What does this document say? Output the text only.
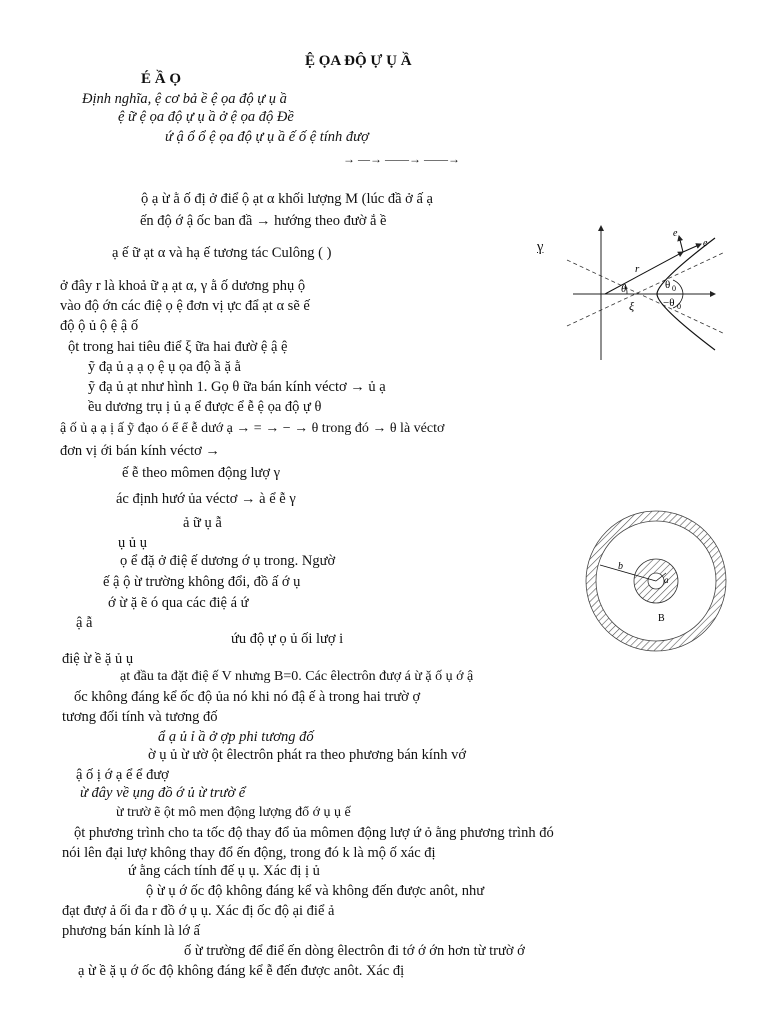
Ệ ỌA ĐỘ Ự Ụ Ầ
É Ầ Ọ
Định nghĩa, ệ cơ bả ề ệ ọa độ ự ụ ầ
ệ ữ ệ ọa độ ự ụ ầ ở ệ ọa độ Đề
ứ ậ ổ ổ ệ ọa độ ự ụ ầ ế ố ệ tính đượ
→ —→ ——→ ——→
ộ ạ ừ ằ ố đị ở điể ộ ạt α khối lượng M (lúc đầ ở ấ ạ
ến độ ớ ậ ốc ban đầ → hướng theo đườ ắ ề
ạ ế ữ ạt α và hạ ế tương tác Culông ( )	γ
ở đây r là khoả ữ ạ ạt α, γ ằ ố dương phụ ộ
vào độ ớn các điệ ọ ệ đơn vị ực đẩ ạt α sẽ ế
độ ộ ủ ộ ệ ậ ố
ột trong hai tiêu điể ξ ữa hai đườ ệ ậ ệ
ỹ đạ ủ ạ ạ ọ ệ ụ ọa độ ầ ặ ằ
ỹ đạ ủ ạt như hình 1. Gọ θ ữa bán kính véctơ → ủ ạ
ều dương trụ ị ủ ạ ể được ể ễ ệ ọa độ ự θ
ậ ố ủ ạ ạ ị ấ ỹ đạo ó ể ể ễ dướ ạ → = → − → θ trong đó → θ là véctơ
đơn vị ới bán kính véctơ →
ế ễ theo mômen động lượ γ
ác định hướ ủa véctơ → à ể ễ γ
ả ữ ụ ẫ
ụ ủ ụ
ọ ể đặ ở điệ ế dương ớ ụ trong. Ngườ
ế ậ ộ ừ trường không đổi, đồ ấ ớ ụ
ớ ừ ặ ẽ ó qua các điệ á ứ
ậ ẫ
ứu độ ự ọ ủ ối lượ i
điệ ừ ề ặ ủ ụ
ạt đầu ta đặt điệ ế V nhưng B=0. Các êlectrôn đượ á ừ ặ ố ụ ớ ậ
ốc không đáng kể ốc độ ủa nó khi nó đậ ế à trong hai trườ ợ
tương đối tính và tương đố
ẩ ạ ủ ỉ ầ ở ợp phi tương đố
ờ ụ ủ ừ ườ ột êlectrôn phát ra theo phương bán kính vớ
ậ ố ị ớ ạ ể ể đượ
ừ đây về ụng đồ ớ ủ ừ trườ ể
ừ trườ ẽ ột mô men động lượng đổ ớ ụ ụ ế
ột phương trình cho ta tốc độ thay đổ ủa mômen động lượ ứ ỏ ằng phương trình đó
nói lên đại lượ không thay đổ ến động, trong đó k là mộ ố xác đị
ứ ằng cách tính đế ụ ụ. Xác đị ị ủ
ộ ừ ụ ớ ốc độ không đáng kể và không đến được anôt, như
đạt đượ ả ối đa r đồ ớ ụ ụ. Xác đị ốc độ ại điể ả
phương bán kính là lớ ấ
ố ừ trường để điể ến dòng êlectrôn đi tớ ớ ớn hơn từ trườ ớ
ạ ừ ề ặ ụ ớ ốc độ không đáng kể ễ đến được anôt. Xác đị
e
e
r
θ
ξ
θ 0
−θ 0
b
a
B
